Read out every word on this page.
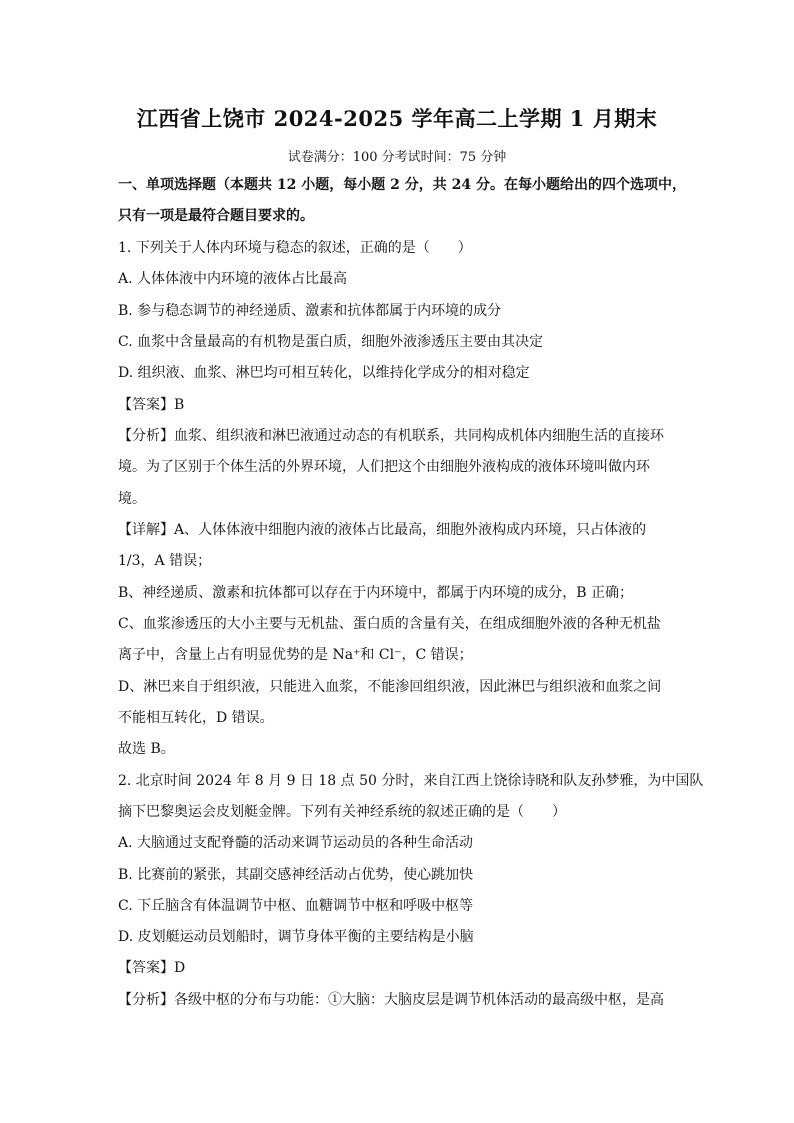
江西省上饶市 2024-2025 学年高二上学期 1 月期末
试卷满分：100 分考试时间：75 分钟
一、单项选择题（本题共 12 小题，每小题 2 分，共 24 分。在每小题给出的四个选项中，
只有一项是最符合题目要求的。
1. 下列关于人体内环境与稳态的叙述，正确的是（　　）
A. 人体体液中内环境的液体占比最高
B. 参与稳态调节的神经递质、激素和抗体都属于内环境的成分
C. 血浆中含量最高的有机物是蛋白质，细胞外液渗透压主要由其决定
D. 组织液、血浆、淋巴均可相互转化，以维持化学成分的相对稳定
【答案】B
【分析】血浆、组织液和淋巴液通过动态的有机联系，共同构成机体内细胞生活的直接环
境。为了区别于个体生活的外界环境，人们把这个由细胞外液构成的液体环境叫做内环
境。
【详解】A、人体体液中细胞内液的液体占比最高，细胞外液构成内环境，只占体液的
1/3，A 错误；
B、神经递质、激素和抗体都可以存在于内环境中，都属于内环境的成分，B 正确；
C、血浆渗透压的大小主要与无机盐、蛋白质的含量有关，在组成细胞外液的各种无机盐
离子中，含量上占有明显优势的是 Na⁺和 Cl⁻，C 错误；
D、淋巴来自于组织液，只能进入血浆，不能渗回组织液，因此淋巴与组织液和血浆之间
不能相互转化，D 错误。
故选 B。
2. 北京时间 2024 年 8 月 9 日 18 点 50 分时，来自江西上饶徐诗晓和队友孙梦雅，为中国队
摘下巴黎奥运会皮划艇金牌。下列有关神经系统的叙述正确的是（　　）
A. 大脑通过支配脊髓的活动来调节运动员的各种生命活动
B. 比赛前的紧张，其副交感神经活动占优势，使心跳加快
C. 下丘脑含有体温调节中枢、血糖调节中枢和呼吸中枢等
D. 皮划艇运动员划船时，调节身体平衡的主要结构是小脑
【答案】D
【分析】各级中枢的分布与功能：①大脑：大脑皮层是调节机体活动的最高级中枢，是高
